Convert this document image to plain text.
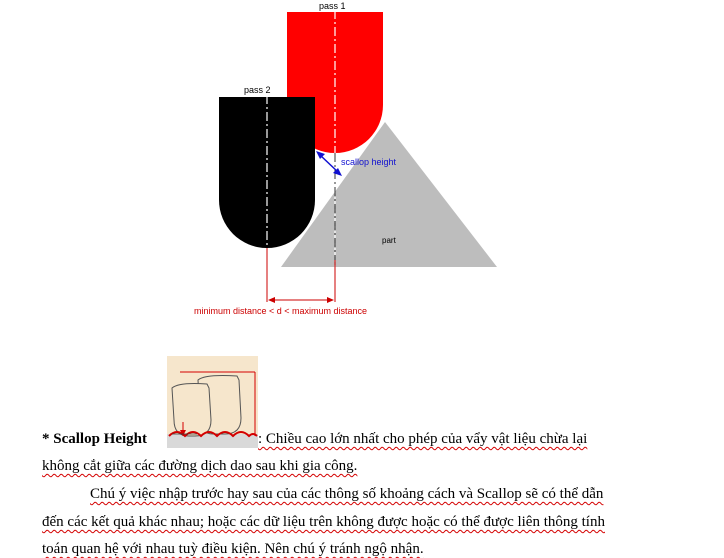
pass 1
pass 2
scallop height
part
minimum distance < d < maximum distance
* Scallop Height	: Chiều cao lớn nhất cho phép của vẩy vật liệu chừa lại
không cắt giữa các đường dịch dao sau khi gia công.
Chú ý việc nhập trước hay sau của các thông số khoảng cách và Scallop sẽ có thể dẫn
đến các kết quả khác nhau; hoặc các dữ liệu trên không được hoặc có thể được liên thông tính
toán quan hệ với nhau tuỳ điều kiện. Nên chú ý tránh ngộ nhận.
